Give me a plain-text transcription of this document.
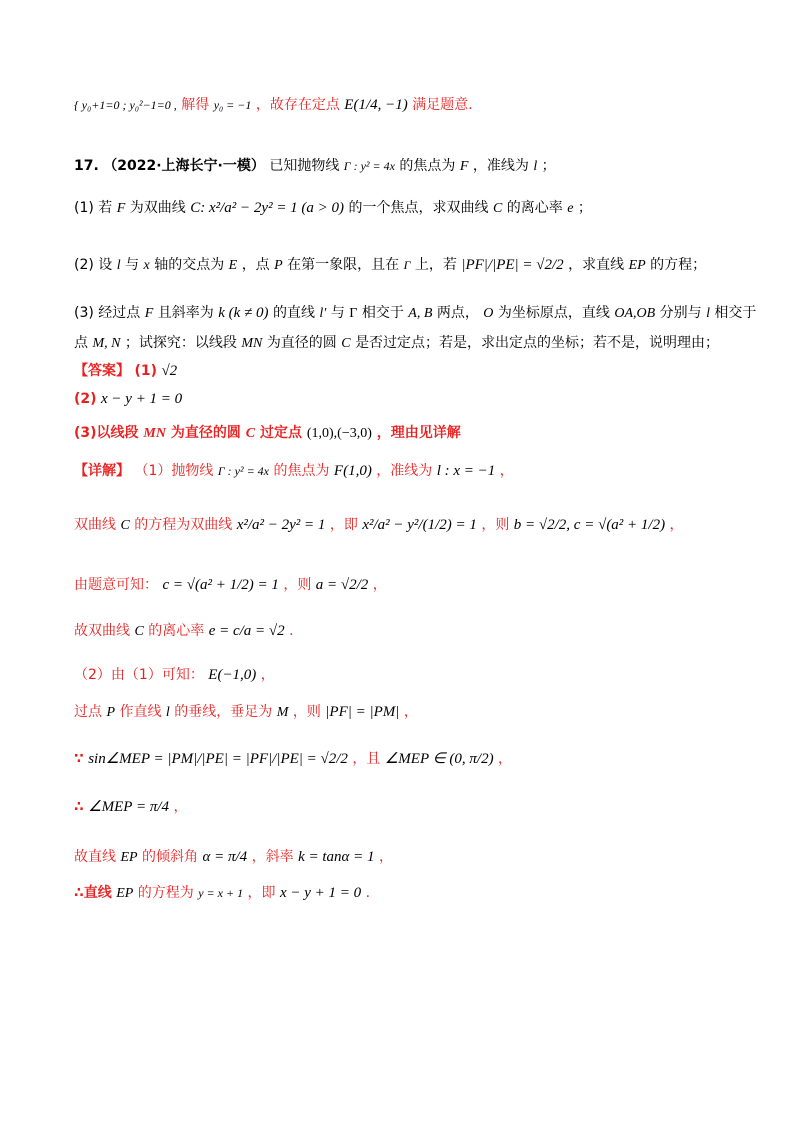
{ y₀+1=0 ; y₀²−1=0 , 解得 y₀ = −1 ，故存在定点 E(1/4, −1) 满足题意.
17. （2022·上海长宁·一模） 已知抛物线 Γ : y² = 4x 的焦点为 F ，准线为 l ；
(1) 若 F 为双曲线 C: x²/a² − 2y² = 1 (a > 0) 的一个焦点，求双曲线 C 的离心率 e ；
(2) 设 l 与 x 轴的交点为 E ，点 P 在第一象限，且在 Γ 上，若 |PF|/|PE| = √2/2 ，求直线 EP 的方程；
(3) 经过点 F 且斜率为 k (k ≠ 0) 的直线 l′ 与 Γ 相交于 A, B 两点， O 为坐标原点，直线 OA,OB 分别与 l 相交于
点 M, N ；试探究：以线段 MN 为直径的圆 C 是否过定点；若是，求出定点的坐标；若不是，说明理由；
【答案】 (1) √2
(2) x − y + 1 = 0
(3)以线段 MN 为直径的圆 C 过定点 (1,0),(−3,0) ，理由见详解
【详解】 （1）抛物线 Γ : y² = 4x 的焦点为 F(1,0) ，准线为 l : x = −1 ，
双曲线 C 的方程为双曲线 x²/a² − 2y² = 1 ，即 x²/a² − y²/(1/2) = 1 ，则 b = √2/2, c = √(a² + 1/2) ，
由题意可知： c = √(a² + 1/2) = 1 ，则 a = √2/2 ，
故双曲线 C 的离心率 e = c/a = √2 .
（2）由（1）可知： E(−1,0) ，
过点 P 作直线 l 的垂线，垂足为 M ，则 |PF| = |PM| ，
∵ sin∠MEP = |PM|/|PE| = |PF|/|PE| = √2/2 ，且 ∠MEP ∈ (0, π/2) ，
∴ ∠MEP = π/4 ，
故直线 EP 的倾斜角 α = π/4 ，斜率 k = tanα = 1 ，
∴直线 EP 的方程为 y = x + 1 ，即 x − y + 1 = 0 .
